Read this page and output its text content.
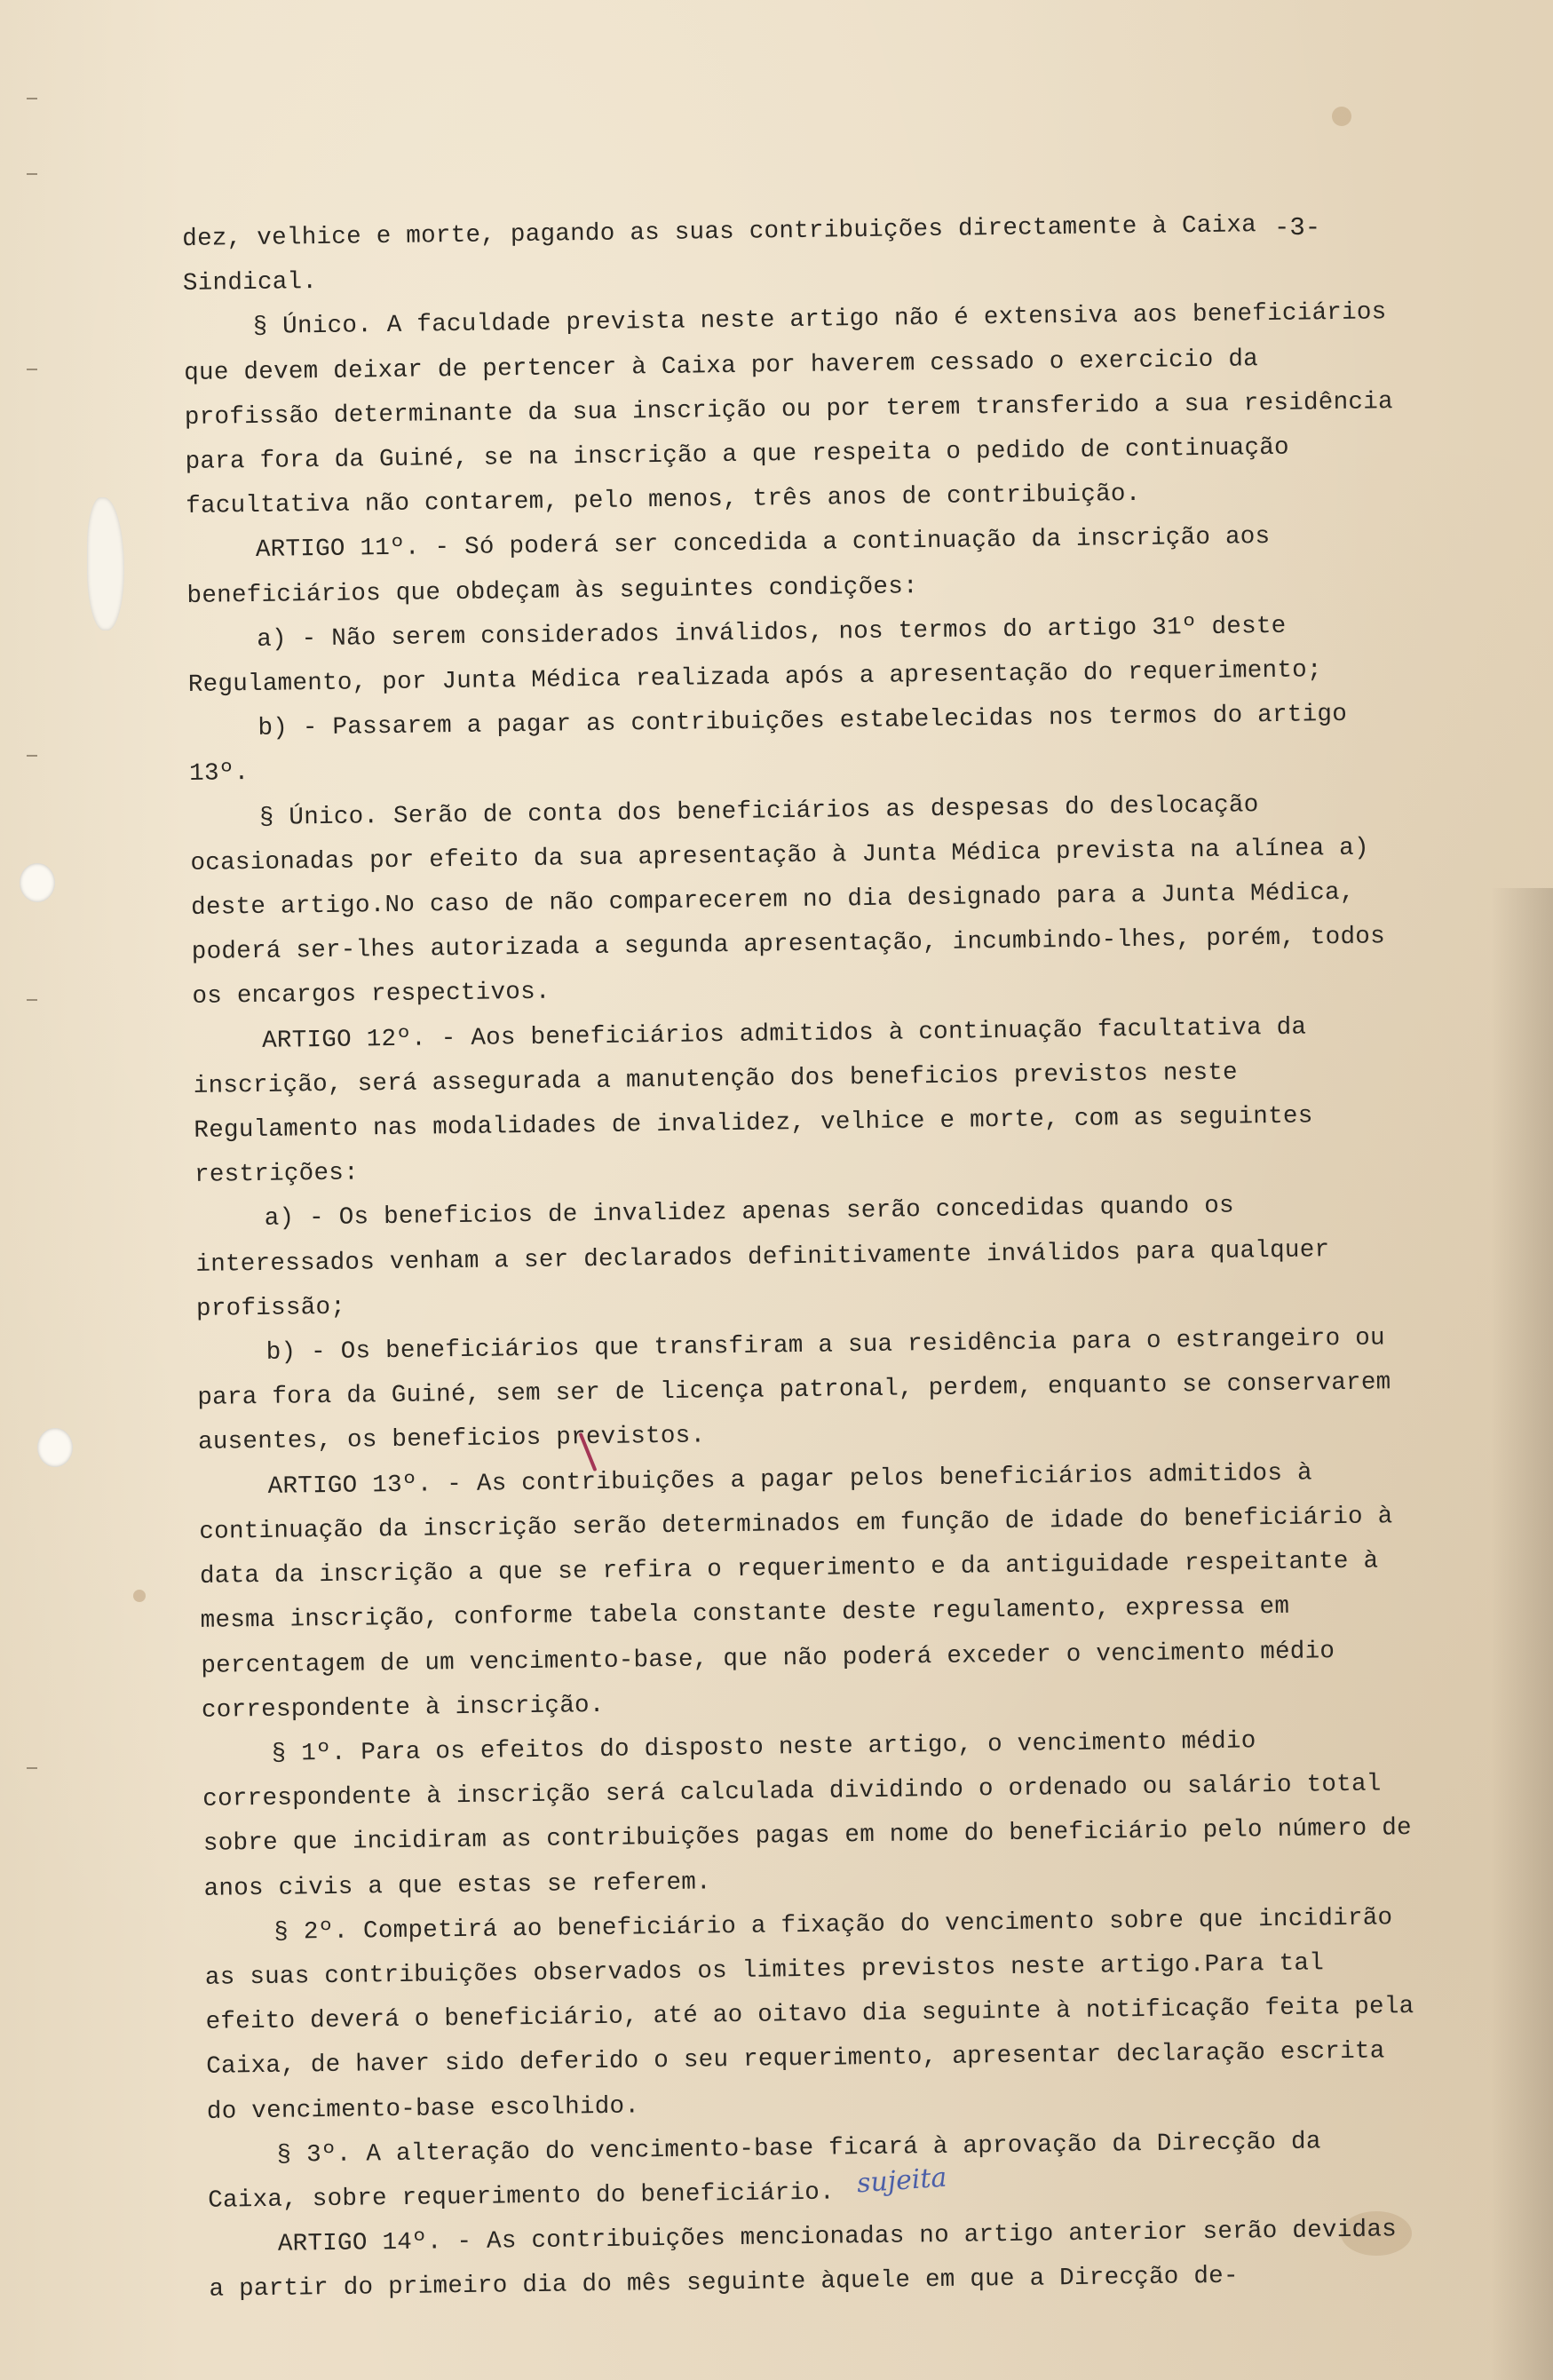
-3-

dez, velhice e morte, pagando as suas contribuições directamente à Caixa Sindical.

§ Único. A faculdade prevista neste artigo não é extensiva aos beneficiários que devem deixar de pertencer à Caixa por haverem cessado o exercicio da profissão determinante da sua inscrição ou por terem transferido a sua residência para fora da Guiné, se na inscrição a que respeita o pedido de continuação facultativa não contarem, pelo menos, três anos de contribuição.

ARTIGO 11º. - Só poderá ser concedida a continuação da inscrição aos beneficiários que obdeçam às seguintes condições:

a) - Não serem considerados inválidos, nos termos do artigo 31º deste Regulamento, por Junta Médica realizada após a apresentação do requerimento;

b) - Passarem a pagar as contribuições estabelecidas nos termos do artigo 13º.

§ Único. Serão de conta dos beneficiários as despesas do deslocação ocasionadas por efeito da sua apresentação à Junta Médica prevista na alínea a) deste artigo.No caso de não comparecerem no dia designado para a Junta Médica, poderá ser-lhes autorizada a segunda apresentação, incumbindo-lhes, porém, todos os encargos respectivos.

ARTIGO 12º. - Aos beneficiários admitidos à continuação facultativa da inscrição, será assegurada a manutenção dos beneficios previstos neste Regulamento nas modalidades de invalidez, velhice e morte, com as seguintes restrições:

a) - Os beneficios de invalidez apenas serão concedidas quando os interessados venham a ser declarados definitivamente inválidos para qualquer profissão;

b) - Os beneficiários que transfiram a sua residência para o estrangeiro ou para fora da Guiné, sem ser de licença patronal, perdem, enquanto se conservarem ausentes, os beneficios previstos.

ARTIGO 13º. - As contribuições a pagar pelos beneficiários admitidos à continuação da inscrição serão determinados em função de idade do beneficiário à data da inscrição a que se refira o requerimento e da antiguidade respeitante à mesma inscrição, conforme tabela constante deste regulamento, expressa em percentagem de um vencimento-base, que não poderá exceder o vencimento médio correspondente à inscrição.

§ 1º. Para os efeitos do disposto neste artigo, o vencimento médio correspondente à inscrição será calculada dividindo o ordenado ou salário total sobre que incidiram as contribuições pagas em nome do beneficiário pelo número de anos civis a que estas se referem.

§ 2º. Competirá ao beneficiário a fixação do vencimento sobre que incidirão as suas contribuições observados os limites previstos neste artigo.Para tal efeito deverá o beneficiário, até ao oitavo dia seguinte à notificação feita pela Caixa, de haver sido deferido o seu requerimento, apresentar declaração escrita do vencimento-base escolhido.

§ 3º. A alteração do vencimento-base ficará à aprovação da Direcção da Caixa, sobre requerimento do beneficiário.

ARTIGO 14º. - As contribuições mencionadas no artigo anterior serão devidas a partir do primeiro dia do mês seguinte àquele em que a Direcção de-

sujeita
